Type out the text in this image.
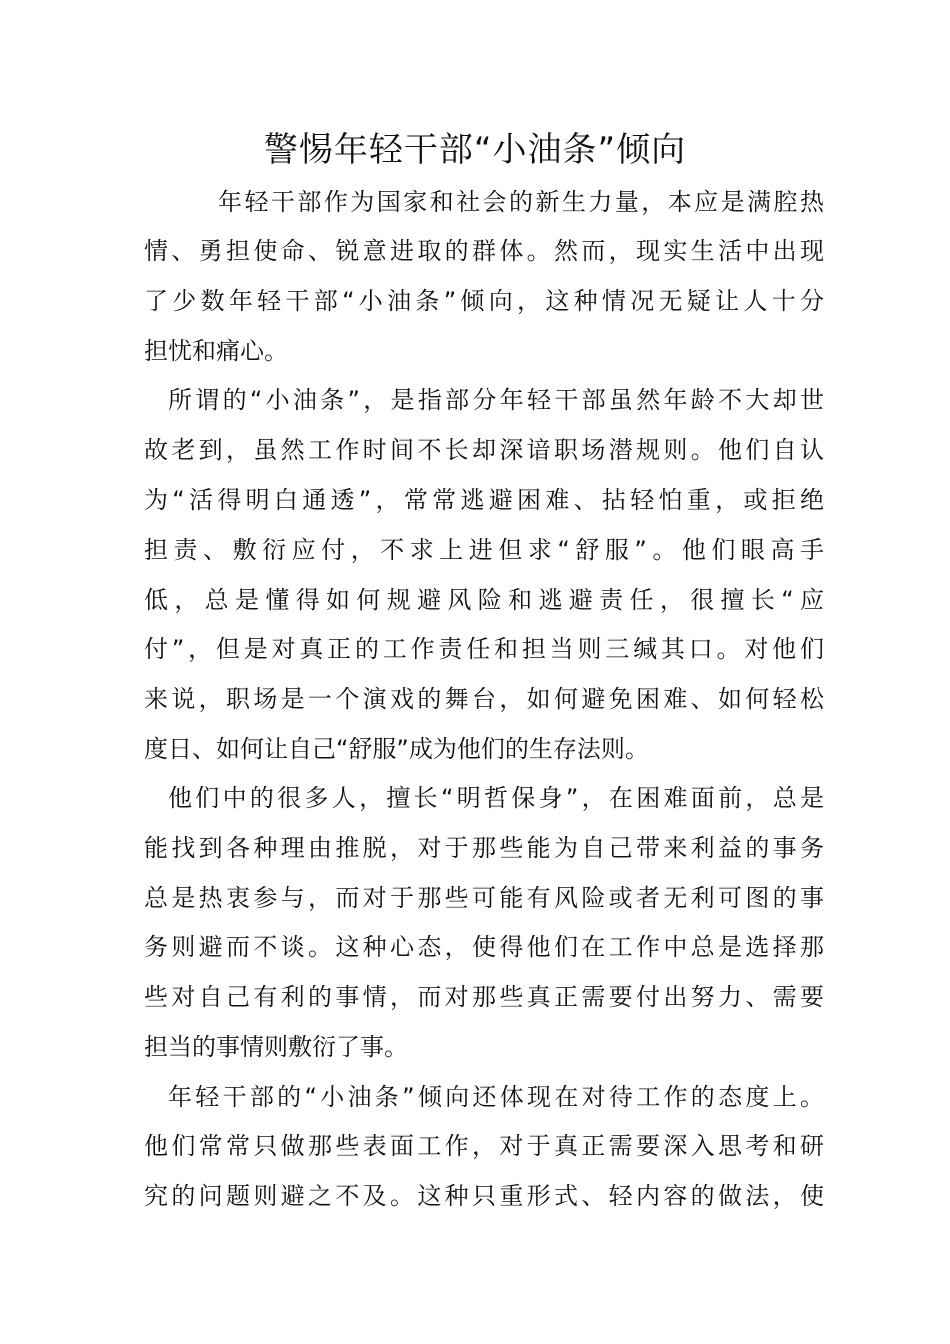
警惕年轻干部“小油条”倾向
年轻干部作为国家和社会的新生力量，本应是满腔热
情、勇担使命、锐意进取的群体。然而，现实生活中出现
了少数年轻干部“小油条”倾向，这种情况无疑让人十分
担忧和痛心。
所谓的“小油条”，是指部分年轻干部虽然年龄不大却世
故老到，虽然工作时间不长却深谙职场潜规则。他们自认
为“活得明白通透”，常常逃避困难、拈轻怕重，或拒绝
担责、敷衍应付，不求上进但求“舒服”。他们眼高手
低，总是懂得如何规避风险和逃避责任，很擅长“应
付”，但是对真正的工作责任和担当则三缄其口。对他们
来说，职场是一个演戏的舞台，如何避免困难、如何轻松
度日、如何让自己“舒服”成为他们的生存法则。
他们中的很多人，擅长“明哲保身”，在困难面前，总是
能找到各种理由推脱，对于那些能为自己带来利益的事务
总是热衷参与，而对于那些可能有风险或者无利可图的事
务则避而不谈。这种心态，使得他们在工作中总是选择那
些对自己有利的事情，而对那些真正需要付出努力、需要
担当的事情则敷衍了事。
年轻干部的“小油条”倾向还体现在对待工作的态度上。
他们常常只做那些表面工作，对于真正需要深入思考和研
究的问题则避之不及。这种只重形式、轻内容的做法，使
